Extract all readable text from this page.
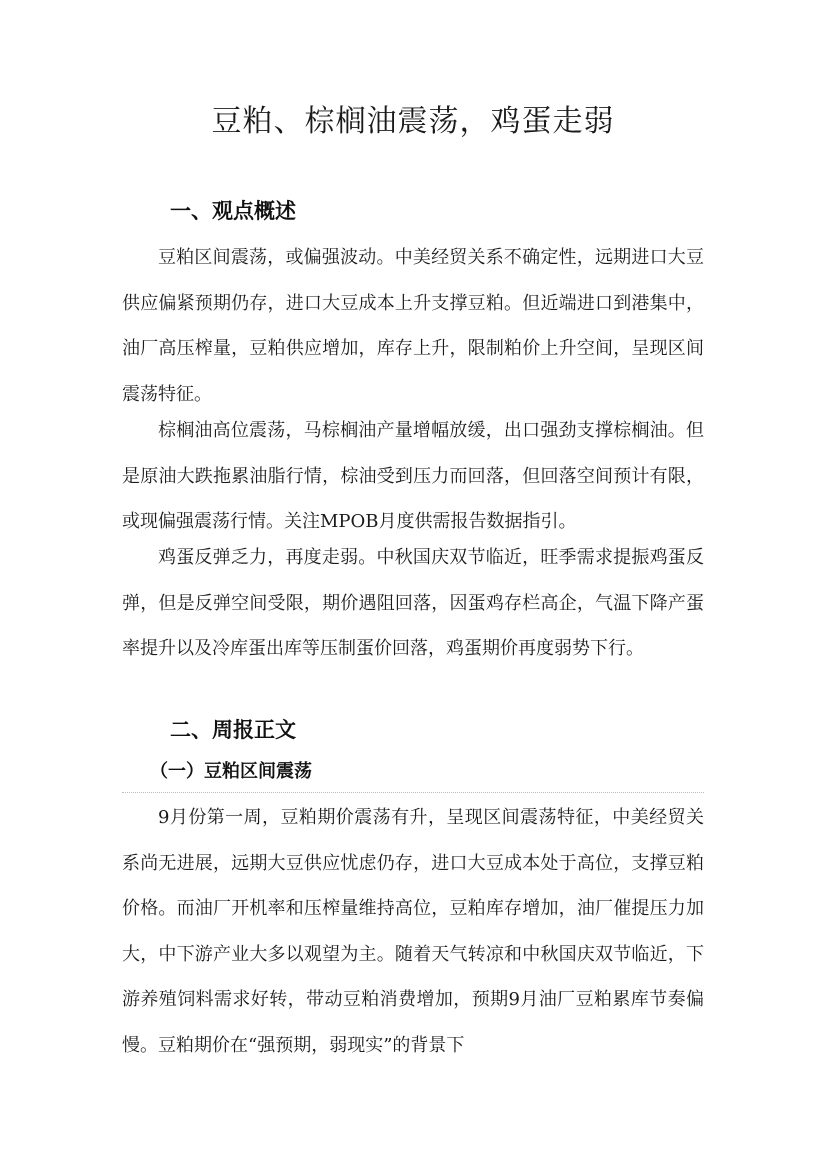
豆粕、棕榈油震荡，鸡蛋走弱
一、观点概述

豆粕区间震荡，或偏强波动。中美经贸关系不确定性，远期进口大豆供应偏紧预期仍存，进口大豆成本上升支撑豆粕。但近端进口到港集中，油厂高压榨量，豆粕供应增加，库存上升，限制粕价上升空间，呈现区间震荡特征。

棕榈油高位震荡，马棕榈油产量增幅放缓，出口强劲支撑棕榈油。但是原油大跌拖累油脂行情，棕油受到压力而回落，但回落空间预计有限，或现偏强震荡行情。关注MPOB月度供需报告数据指引。

鸡蛋反弹乏力，再度走弱。中秋国庆双节临近，旺季需求提振鸡蛋反弹，但是反弹空间受限，期价遇阻回落，因蛋鸡存栏高企，气温下降产蛋率提升以及冷库蛋出库等压制蛋价回落，鸡蛋期价再度弱势下行。

二、周报正文
（一）豆粕区间震荡

9月份第一周，豆粕期价震荡有升，呈现区间震荡特征，中美经贸关系尚无进展，远期大豆供应忧虑仍存，进口大豆成本处于高位，支撑豆粕价格。而油厂开机率和压榨量维持高位，豆粕库存增加，油厂催提压力加大，中下游产业大多以观望为主。随着天气转凉和中秋国庆双节临近，下游养殖饲料需求好转，带动豆粕消费增加，预期9月油厂豆粕累库节奏偏慢。豆粕期价在“强预期，弱现实”的背景下
